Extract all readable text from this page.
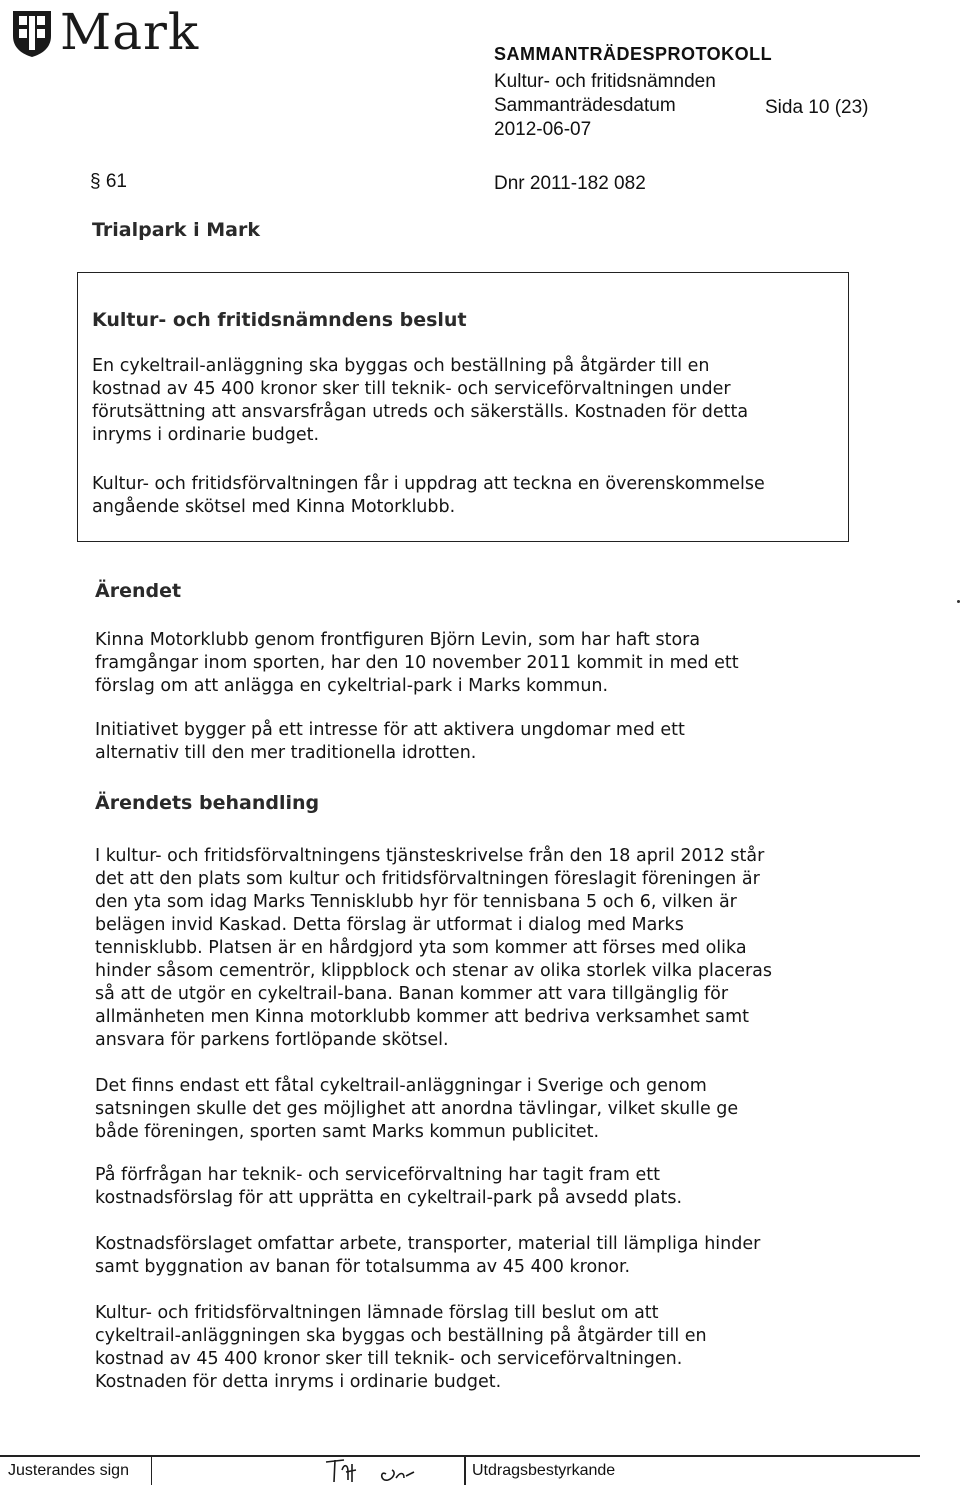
Mark	SAMMANTRÄDESPROTOKOLL
Kultur- och fritidsnämnden
Sammanträdesdatum	Sida 10 (23)
2012-06-07
§ 61	Dnr 2011-182 082
Trialpark i Mark
Kultur- och fritidsnämndens beslut

En cykeltrail-anläggning ska byggas och beställning på åtgärder till en
kostnad av 45 400 kronor sker till teknik- och serviceförvaltningen under
förutsättning att ansvarsfrågan utreds och säkerställs. Kostnaden för detta
inryms i ordinarie budget.

Kultur- och fritidsförvaltningen får i uppdrag att teckna en överenskommelse
angående skötsel med Kinna Motorklubb.

Ärendet

Kinna Motorklubb genom frontfiguren Björn Levin, som har haft stora
framgångar inom sporten, har den 10 november 2011 kommit in med ett
förslag om att anlägga en cykeltrial-park i Marks kommun.

Initiativet bygger på ett intresse för att aktivera ungdomar med ett
alternativ till den mer traditionella idrotten.

Ärendets behandling

I kultur- och fritidsförvaltningens tjänsteskrivelse från den 18 april 2012 står
det att den plats som kultur och fritidsförvaltningen föreslagit föreningen är
den yta som idag Marks Tennisklubb hyr för tennisbana 5 och 6, vilken är
belägen invid Kaskad. Detta förslag är utformat i dialog med Marks
tennisklubb. Platsen är en hårdgjord yta som kommer att förses med olika
hinder såsom cementrör, klippblock och stenar av olika storlek vilka placeras
så att de utgör en cykeltrail-bana. Banan kommer att vara tillgänglig för
allmänheten men Kinna motorklubb kommer att bedriva verksamhet samt
ansvara för parkens fortlöpande skötsel.

Det finns endast ett fåtal cykeltrail-anläggningar i Sverige och genom
satsningen skulle det ges möjlighet att anordna tävlingar, vilket skulle ge
både föreningen, sporten samt Marks kommun publicitet.

På förfrågan har teknik- och serviceförvaltning har tagit fram ett
kostnadsförslag för att upprätta en cykeltrail-park på avsedd plats.

Kostnadsförslaget omfattar arbete, transporter, material till lämpliga hinder
samt byggnation av banan för totalsumma av 45 400 kronor.

Kultur- och fritidsförvaltningen lämnade förslag till beslut om att
cykeltrail-anläggningen ska byggas och beställning på åtgärder till en
kostnad av 45 400 kronor sker till teknik- och serviceförvaltningen.
Kostnaden för detta inryms i ordinarie budget.

Justerandes sign	Utdragsbestyrkande
